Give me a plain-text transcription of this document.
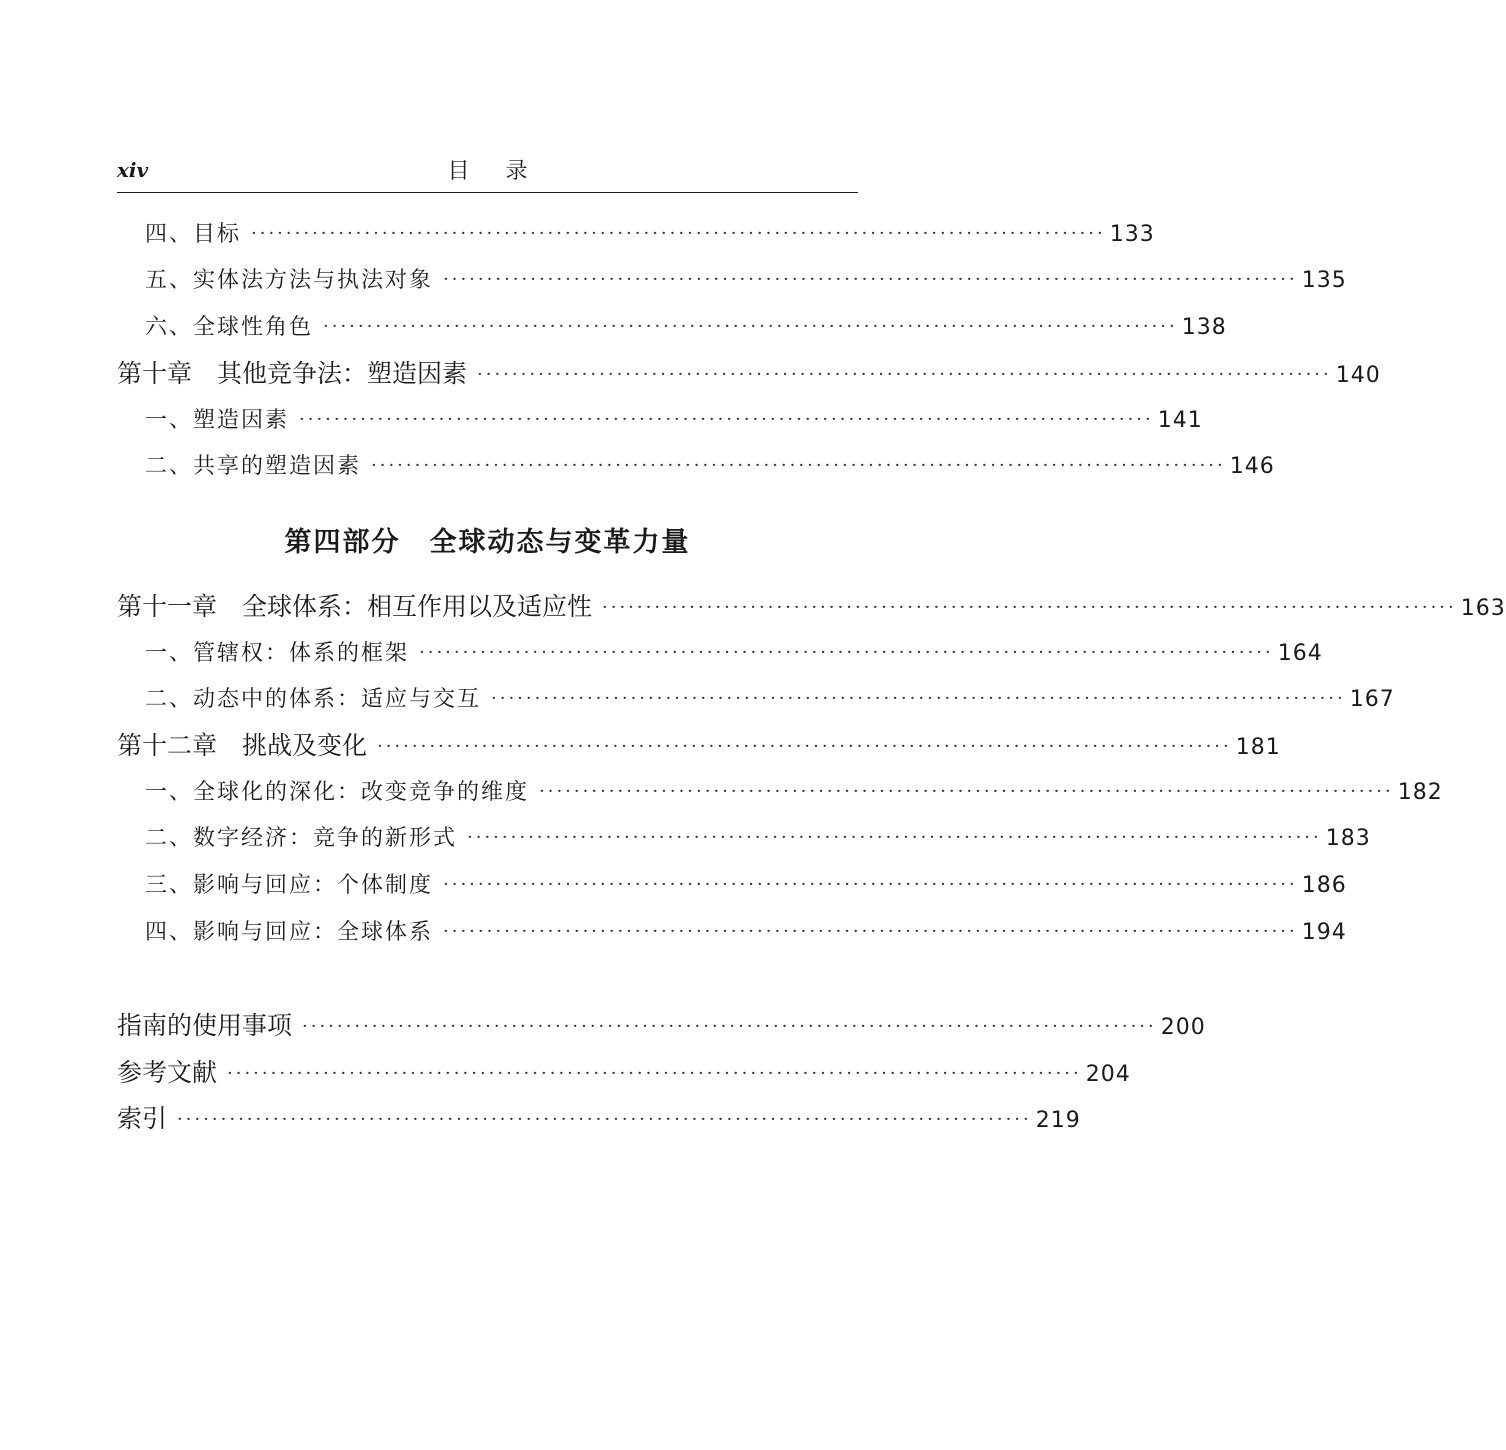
xiv	目录
四、目标 ·································································································· 133
五、实体法方法与执法对象 ·································································································· 135
六、全球性角色 ·································································································· 138
第十章　其他竞争法：塑造因素 ·································································································· 140
一、塑造因素 ·································································································· 141
二、共享的塑造因素 ·································································································· 146
第四部分　全球动态与变革力量
第十一章　全球体系：相互作用以及适应性 ·································································································· 163
一、管辖权：体系的框架 ·································································································· 164
二、动态中的体系：适应与交互 ·································································································· 167
第十二章　挑战及变化 ·································································································· 181
一、全球化的深化：改变竞争的维度 ·································································································· 182
二、数字经济：竞争的新形式 ·································································································· 183
三、影响与回应：个体制度 ·································································································· 186
四、影响与回应：全球体系 ·································································································· 194
指南的使用事项 ·································································································· 200
参考文献 ·································································································· 204
索引 ·································································································· 219
